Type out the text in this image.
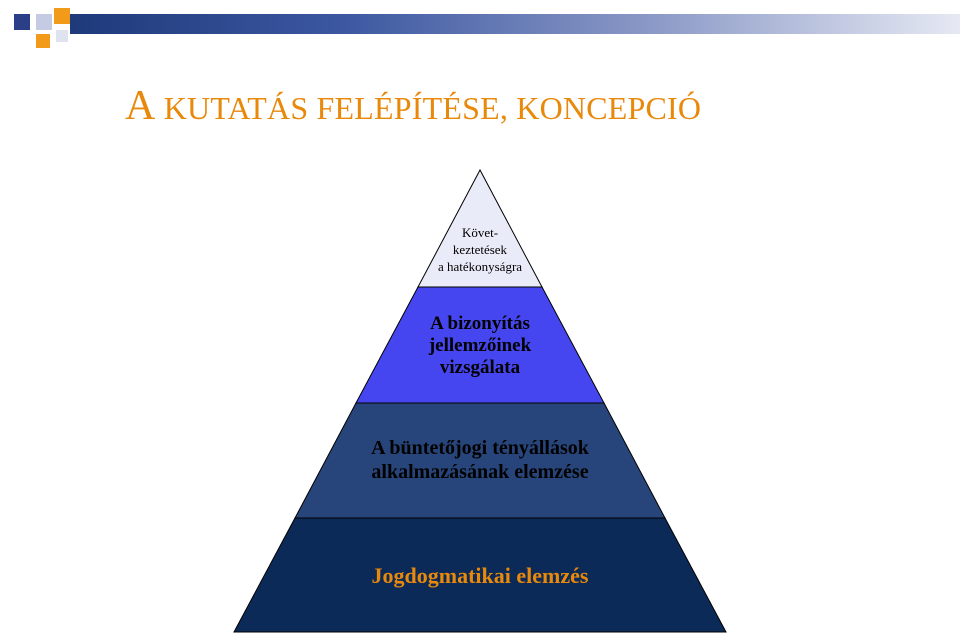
A KUTATÁS FELÉPÍTÉSE, KONCEPCIÓ
Követ-
keztetések
a hatékonyságra
A bizonyítás
jellemzőinek
vizsgálata
A büntetőjogi tényállások
alkalmazásának elemzése
Jogdogmatikai elemzés
